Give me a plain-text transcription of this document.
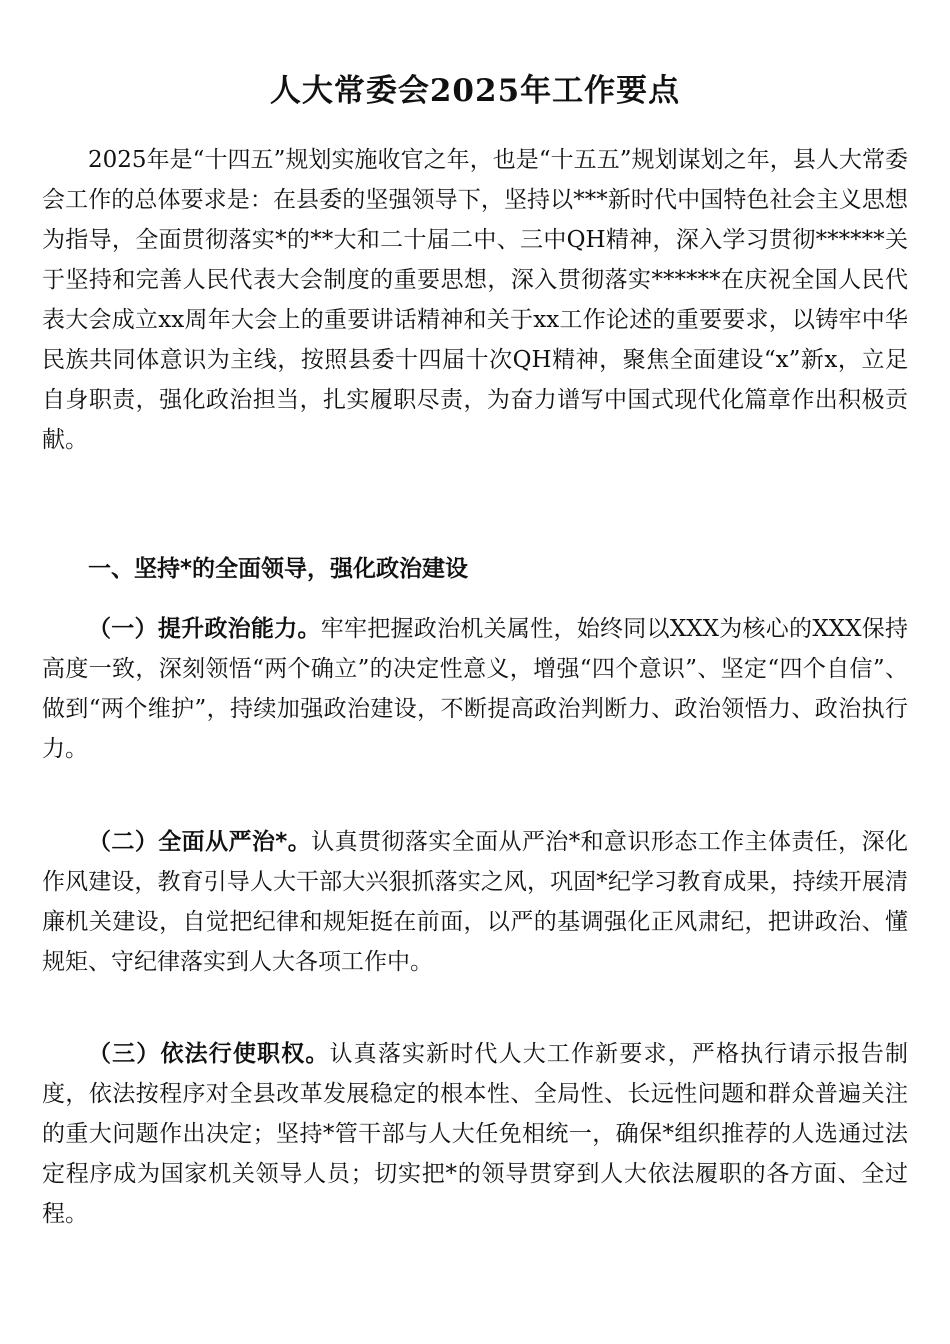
人大常委会2025年工作要点

2025年是“十四五”规划实施收官之年，也是“十五五”规划谋划之年，县人大常委会工作的总体要求是：在县委的坚强领导下，坚持以***新时代中国特色社会主义思想为指导，全面贯彻落实*的**大和二十届二中、三中QH精神，深入学习贯彻******关于坚持和完善人民代表大会制度的重要思想，深入贯彻落实******在庆祝全国人民代表大会成立xx周年大会上的重要讲话精神和关于xx工作论述的重要要求，以铸牢中华民族共同体意识为主线，按照县委十四届十次QH精神，聚焦全面建设“x”新x，立足自身职责，强化政治担当，扎实履职尽责，为奋力谱写中国式现代化篇章作出积极贡献。

一、坚持*的全面领导，强化政治建设

（一）提升政治能力。牢牢把握政治机关属性，始终同以XXX为核心的XXX保持高度一致，深刻领悟“两个确立”的决定性意义，增强“四个意识”、坚定“四个自信”、做到“两个维护”，持续加强政治建设，不断提高政治判断力、政治领悟力、政治执行力。

（二）全面从严治*。认真贯彻落实全面从严治*和意识形态工作主体责任，深化作风建设，教育引导人大干部大兴狠抓落实之风，巩固*纪学习教育成果，持续开展清廉机关建设，自觉把纪律和规矩挺在前面，以严的基调强化正风肃纪，把讲政治、懂规矩、守纪律落实到人大各项工作中。

（三）依法行使职权。认真落实新时代人大工作新要求，严格执行请示报告制度，依法按程序对全县改革发展稳定的根本性、全局性、长远性问题和群众普遍关注的重大问题作出决定；坚持*管干部与人大任免相统一，确保*组织推荐的人选通过法定程序成为国家机关领导人员；切实把*的领导贯穿到人大依法履职的各方面、全过程。
